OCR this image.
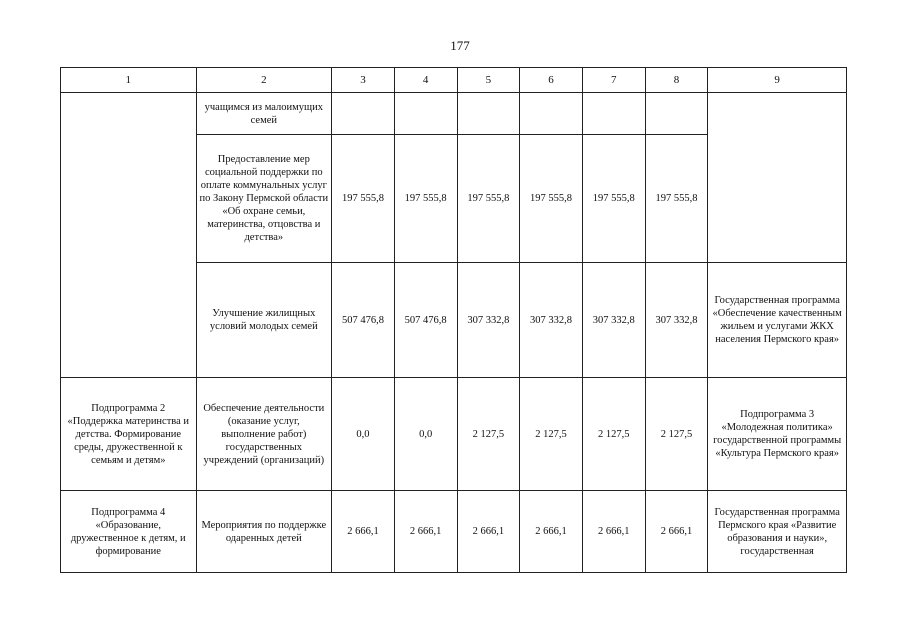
177
1	2	3	4	5	6	7	8	9
	учащимся из малоимущих семей							
	Предоставление мер социальной поддержки по оплате коммунальных услуг по Закону Пермской области «Об охране семьи, материнства, отцовства и детства»	197 555,8	197 555,8	197 555,8	197 555,8	197 555,8	197 555,8	
	Улучшение жилищных условий молодых семей	507 476,8	507 476,8	307 332,8	307 332,8	307 332,8	307 332,8	Государственная программа «Обеспечение качественным жильем и услугами ЖКХ населения Пермского края»
Подпрограмма 2 «Поддержка материнства и детства. Формирование среды, дружественной к семьям и детям»	Обеспечение деятельности (оказание услуг, выполнение работ) государственных учреждений (организаций)	0,0	0,0	2 127,5	2 127,5	2 127,5	2 127,5	Подпрограмма 3 «Молодежная политика» государственной программы «Культура Пермского края»
Подпрограмма 4 «Образование, дружественное к детям, и формирование	Мероприятия по поддержке одаренных детей	2 666,1	2 666,1	2 666,1	2 666,1	2 666,1	2 666,1	Государственная программа Пермского края «Развитие образования и науки», государственная
